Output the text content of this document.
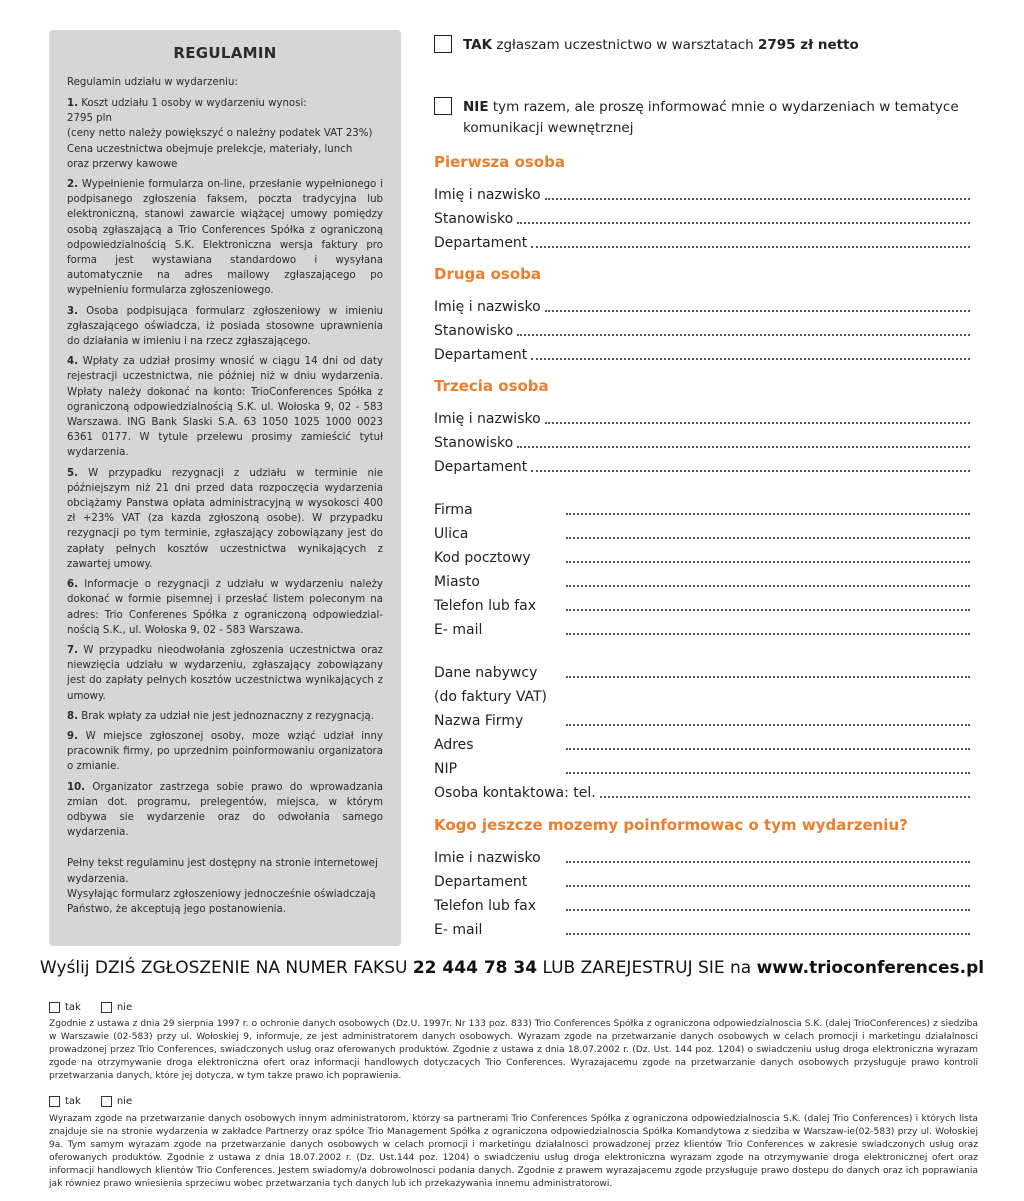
REGULAMIN

Regulamin udziału w wydarzeniu:

1. Koszt udziału 1 osoby w wydarzeniu wynosi:
2795 pln
(ceny netto należy powiększyć o należny podatek VAT 23%)
Cena uczestnictwa obejmuje prelekcje, materiały, lunch
oraz przerwy kawowe

2. Wypełnienie formularza on-line, przesłanie wypełnionego i podpisanego zgłoszenia faksem, poczta tradycyjna lub elektroniczną, stanowi zawarcie wiążącej umowy pomiędzy osobą zgłaszającą a Trio Conferences Spółka z ograniczoną odpowiedzialnością S.K. Elektroniczna wersja faktury pro forma jest wystawiana standardowo i wysyłana automatycznie na adres mailowy zgłaszającego po wypełnieniu formularza zgłoszeniowego.

3. Osoba podpisująca formularz zgłoszeniowy w imieniu zgłaszającego oświadcza, iż posiada stosowne uprawnienia do działania w imieniu i na rzecz zgłaszającego.

4. Wpłaty za udział prosimy wnosić w ciągu 14 dni od daty rejestracji uczestnictwa, nie później niż w dniu wydarzenia. Wpłaty należy dokonać na konto: TrioConferences Spółka z ograniczoną odpowiedzialnością S.K. ul. Wołoska 9, 02 - 583 Warszawa. ING Bank Slaski S.A. 63 1050 1025 1000 0023 6361 0177. W tytule przelewu prosimy zamieścić tytuł wydarzenia.

5. W przypadku rezygnacji z udziału w terminie nie późniejszym niż 21 dni przed data rozpoczęcia wydarzenia obciążamy Panstwa opłata administracyjną w wysokosci 400 zł +23% VAT (za kazda zgłoszoną osobe). W przypadku rezygnacji po tym terminie, zgłaszający zobowiązany jest do zapłaty pełnych kosztów uczestnictwa wynikających z zawartej umowy.

6. Informacje o rezygnacji z udziału w wydarzeniu należy dokonać w formie pisemnej i przesłać listem poleconym na adres: Trio Conferenes Spółka z ograniczoną odpowiedzial-nością S.K., ul. Wołoska 9, 02 - 583 Warszawa.

7. W przypadku nieodwołania zgłoszenia uczestnictwa oraz niewzięcia udziału w wydarzeniu, zgłaszający zobowiązany jest do zapłaty pełnych kosztów uczestnictwa wynikających z umowy.

8. Brak wpłaty za udział nie jest jednoznaczny z rezygnacją.

9. W miejsce zgłoszonej osoby, moze wziąć udział inny pracownik firmy, po uprzednim poinformowaniu organizatora o zmianie.

10. Organizator zastrzega sobie prawo do wprowadzania zmian dot. programu, prelegentów, miejsca, w którym odbywa sie wydarzenie oraz do odwołania samego wydarzenia.

Pełny tekst regulaminu jest dostępny na stronie internetowej wydarzenia.
Wysyłając formularz zgłoszeniowy jednocześnie oświadczają Państwo, że akceptują jego postanowienia.
TAK zgłaszam uczestnictwo w warsztatach 2795 zł netto
NIE tym razem, ale proszę informować mnie o wydarzeniach w tematyce komunikacji wewnętrznej
Pierwsza osoba
Imię i nazwisko
Stanowisko
Departament
Druga osoba
Imię i nazwisko
Stanowisko
Departament
Trzecia osoba
Imię i nazwisko
Stanowisko
Departament
Firma
Ulica
Kod pocztowy
Miasto
Telefon lub fax
E- mail
Dane nabywcy
(do faktury VAT)
Nazwa Firmy
Adres
NIP
Osoba kontaktowa: tel.
Kogo jeszcze mozemy poinformowac o tym wydarzeniu?
Imie i nazwisko
Departament
Telefon lub fax
E- mail
Wyślij DZIŚ ZGŁOSZENIE NA NUMER FAKSU 22 444 78 34 LUB ZAREJESTRUJ SIE na www.trioconferences.pl
tak	nie

Zgodnie z ustawa z dnia 29 sierpnia 1997 r. o ochronie danych osobowych (Dz.U. 1997r. Nr 133 poz. 833) Trio Conferences Spółka z ograniczona odpowiedzialnoscia S.K. (dalej TrioConferences) z siedziba w Warszawie (02-583) przy ul. Wołoskiej 9, informuje, ze jest administratorem danych osobowych. Wyrazam zgode na przetwarzanie danych osobowych w celach promocji i marketingu działalnosci prowadzonej przez Trio Conferences, swiadczonych usług oraz oferowanych produktów. Zgodnie z ustawa z dnia 18.07.2002 r. (Dz. Ust. 144 poz. 1204) o swiadczeniu usług droga elektroniczna wyrazam zgode na otrzymywanie droga elektroniczna ofert oraz informacji handlowych dotyczacych Trio Conferences. Wyrazajacemu zgode na przetwarzanie danych osobowych przysługuje prawo kontroli przetwarzania danych, które jej dotycza, w tym takze prawo ich poprawienia.

tak	nie

Wyrazam zgode na przetwarzanie danych osobowych innym administratorom, którzy sa partnerami Trio Conferences Spółka z ograniczona odpowiedzialnoscia S.K. (dalej Trio Conferences) i których lista znajduje sie na stronie wydarzenia w zakładce Partnerzy oraz spółce Trio Management Spółka z ograniczona odpowiedzialnoscia Spółka Komandytowa z siedziba w Warszaw-ie(02-583) przy ul. Wołoskiej 9a. Tym samym wyrazam zgode na przetwarzanie danych osobowych w celach promocji i marketingu działalnosci prowadzonej przez klientów Trio Conferences w zakresie swiadczonych usług oraz oferowanych produktów. Zgodnie z ustawa z dnia 18.07.2002 r. (Dz. Ust.144 poz. 1204) o swiadczeniu usług droga elektroniczna wyrazam zgode na otrzymywanie droga elektronicznej ofert oraz informacji handlowych klientów Trio Conferences. Jestem swiadomy/a dobrowolnosci podania danych. Zgodnie z prawem wyrazajacemu zgode przysługuje prawo dostepu do danych oraz ich poprawiania jak równiez prawo wniesienia sprzeciwu wobec przetwarzania tych danych lub ich przekazywania innemu administratorowi.
